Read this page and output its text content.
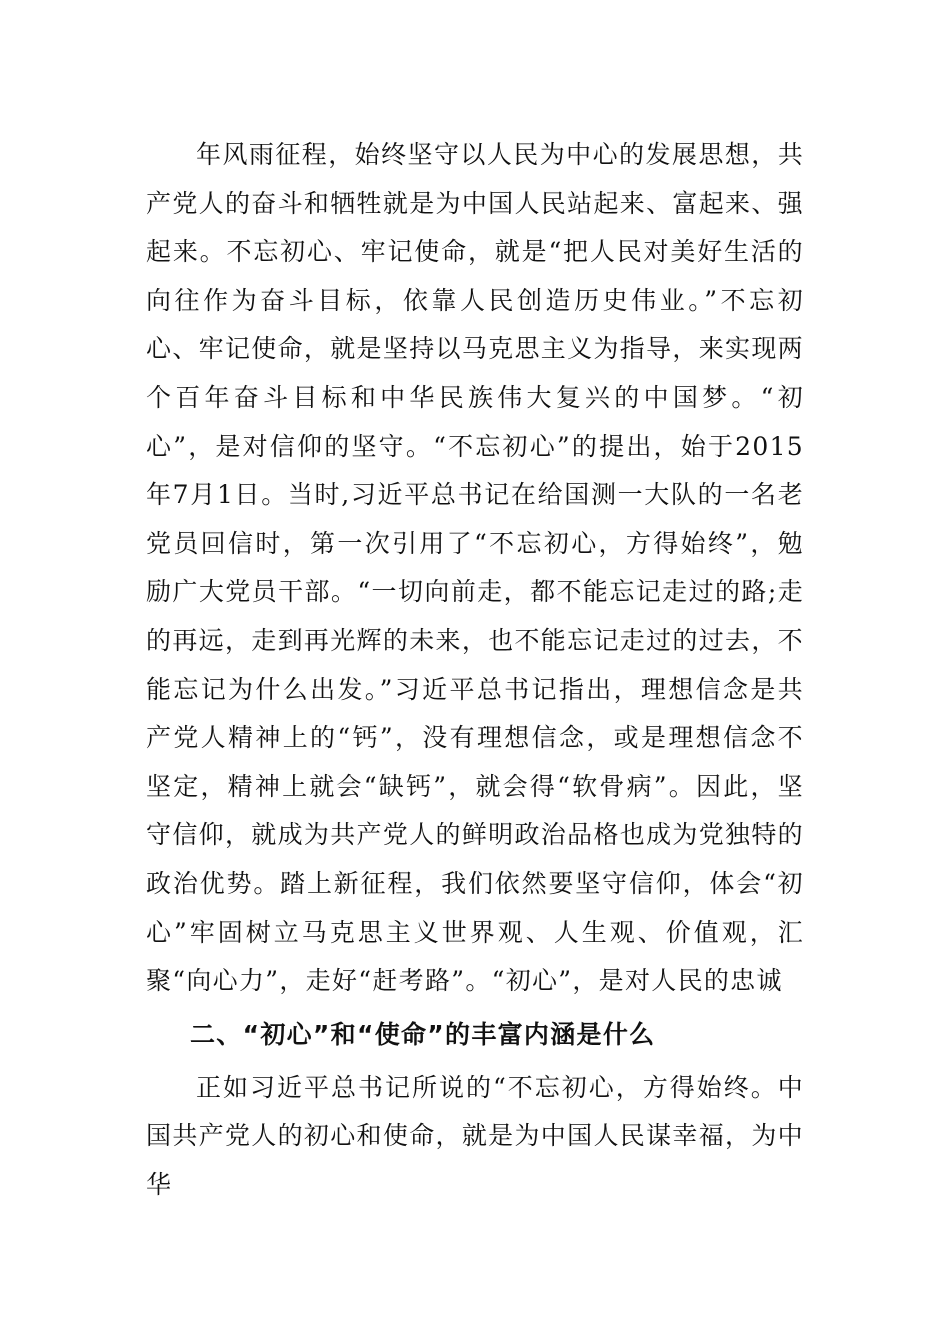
年风雨征程，始终坚守以人民为中心的发展思想，共产党人的奋斗和牺牲就是为中国人民站起来、富起来、强起来。不忘初心、牢记使命，就是“把人民对美好生活的向往作为奋斗目标，依靠人民创造历史伟业。”不忘初心、牢记使命，就是坚持以马克思主义为指导，来实现两个百年奋斗目标和中华民族伟大复兴的中国梦。“初心”，是对信仰的坚守。“不忘初心”的提出，始于2015年7月1日。当时,习近平总书记在给国测一大队的一名老党员回信时，第一次引用了“不忘初心，方得始终”，勉励广大党员干部。“一切向前走，都不能忘记走过的路;走的再远，走到再光辉的未来，也不能忘记走过的过去，不能忘记为什么出发。”习近平总书记指出，理想信念是共产党人精神上的“钙”，没有理想信念，或是理想信念不坚定，精神上就会“缺钙”，就会得“软骨病”。因此，坚守信仰，就成为共产党人的鲜明政治品格也成为党独特的政治优势。踏上新征程，我们依然要坚守信仰，体会“初心”牢固树立马克思主义世界观、人生观、价值观，汇聚“向心力”，走好“赶考路”。“初心”，是对人民的忠诚

二、“初心”和“使命”的丰富内涵是什么

正如习近平总书记所说的“不忘初心，方得始终。中国共产党人的初心和使命，就是为中国人民谋幸福，为中华
